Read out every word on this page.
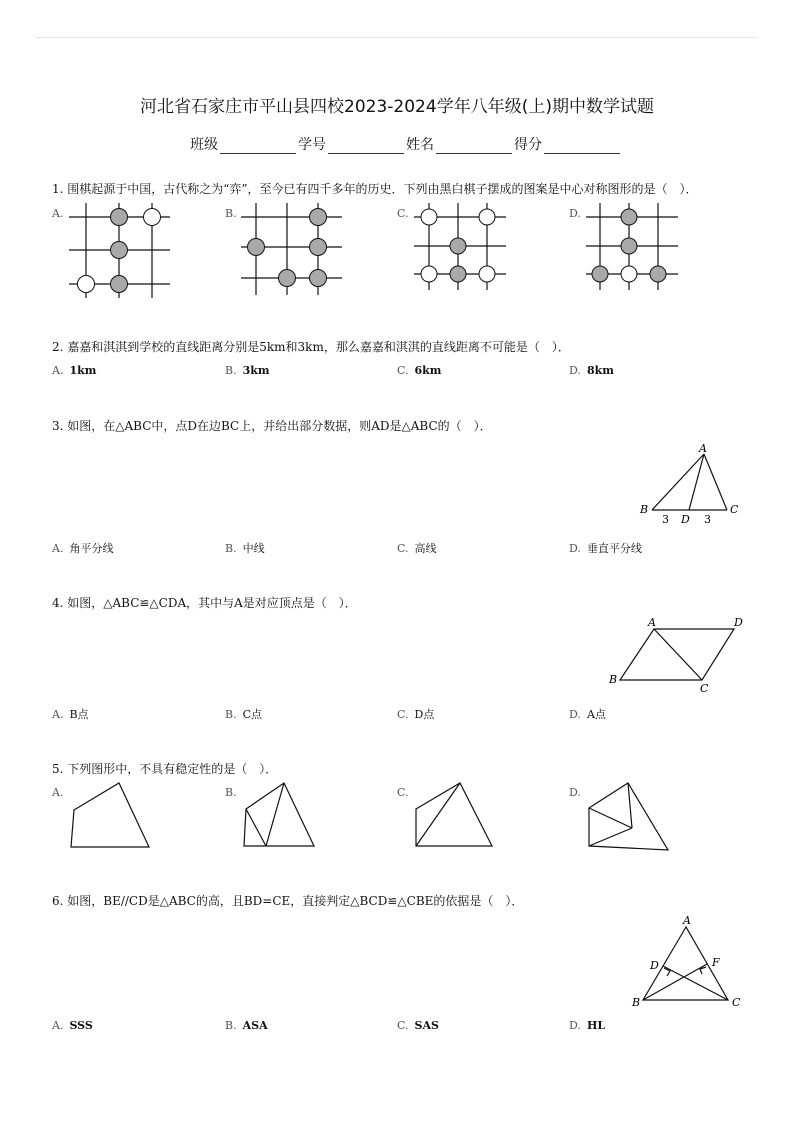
河北省石家庄市平山县四校2023-2024学年八年级(上)期中数学试题
班级	学号	姓名	得分
1. 围棋起源于中国，古代称之为“弈”，至今已有四千多年的历史．下列由黑白棋子摆成的图案是中心对称图形的是（　）．
A.	B.	C.	D.
2. 嘉嘉和淇淇到学校的直线距离分别是5km和3km，那么嘉嘉和淇淇的直线距离不可能是（　）．
A. 1km	B. 3km	C. 6km	D. 8km
3. 如图，在△ABC中，点D在边BC上，并给出部分数据，则AD是△ABC的（　）．
A
B	C
D
3	3
A. 角平分线	B. 中线	C. 高线	D. 垂直平分线
4. 如图，△ABC≌△CDA，其中与A是对应顶点是（　）．
A	D
B
C
A. B点	B. C点	C. D点	D. A点
5. 下列图形中，不具有稳定性的是（　）．
A.	B.	C.	D.
6. 如图，BE//CD是△ABC的高，且BD=CE，直接判定△BCD≌△CBE的依据是（　）．
A
B	C
D	F
A. SSS	B. ASA	C. SAS	D. HL
